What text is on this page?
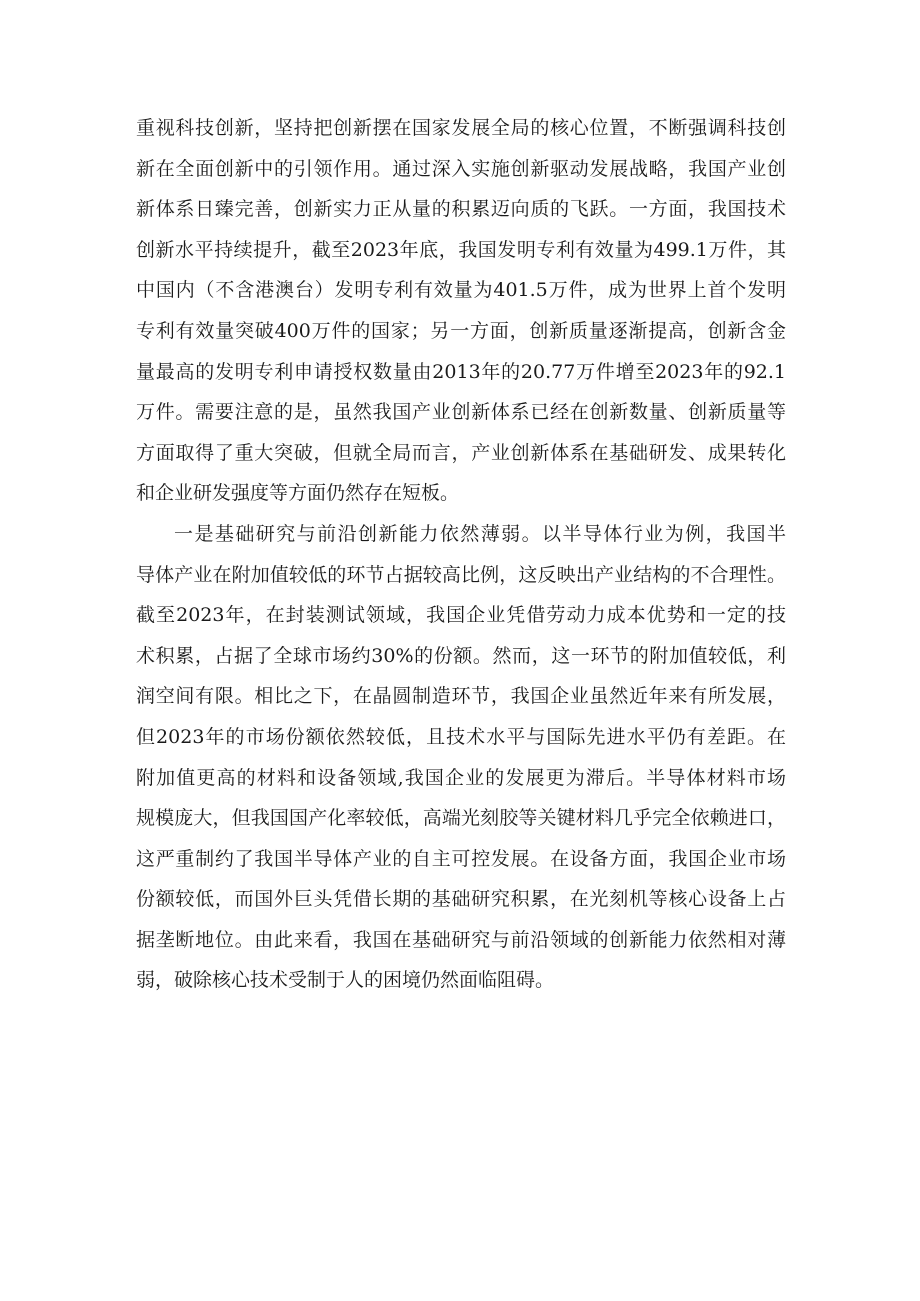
重视科技创新，坚持把创新摆在国家发展全局的核心位置，不断强调科技创
新在全面创新中的引领作用。通过深入实施创新驱动发展战略，我国产业创
新体系日臻完善，创新实力正从量的积累迈向质的飞跃。一方面，我国技术
创新水平持续提升，截至2023年底，我国发明专利有效量为499.1万件，其
中国内（不含港澳台）发明专利有效量为401.5万件，成为世界上首个发明
专利有效量突破400万件的国家；另一方面，创新质量逐渐提高，创新含金
量最高的发明专利申请授权数量由2013年的20.77万件增至2023年的92.1
万件。需要注意的是，虽然我国产业创新体系已经在创新数量、创新质量等
方面取得了重大突破，但就全局而言，产业创新体系在基础研发、成果转化
和企业研发强度等方面仍然存在短板。
一是基础研究与前沿创新能力依然薄弱。以半导体行业为例，我国半
导体产业在附加值较低的环节占据较高比例，这反映出产业结构的不合理性。
截至2023年，在封装测试领域，我国企业凭借劳动力成本优势和一定的技
术积累，占据了全球市场约30%的份额。然而，这一环节的附加值较低，利
润空间有限。相比之下，在晶圆制造环节，我国企业虽然近年来有所发展，
但2023年的市场份额依然较低，且技术水平与国际先进水平仍有差距。在
附加值更高的材料和设备领域,我国企业的发展更为滞后。半导体材料市场
规模庞大，但我国国产化率较低，高端光刻胶等关键材料几乎完全依赖进口，
这严重制约了我国半导体产业的自主可控发展。在设备方面，我国企业市场
份额较低，而国外巨头凭借长期的基础研究积累，在光刻机等核心设备上占
据垄断地位。由此来看，我国在基础研究与前沿领域的创新能力依然相对薄
弱，破除核心技术受制于人的困境仍然面临阻碍。
